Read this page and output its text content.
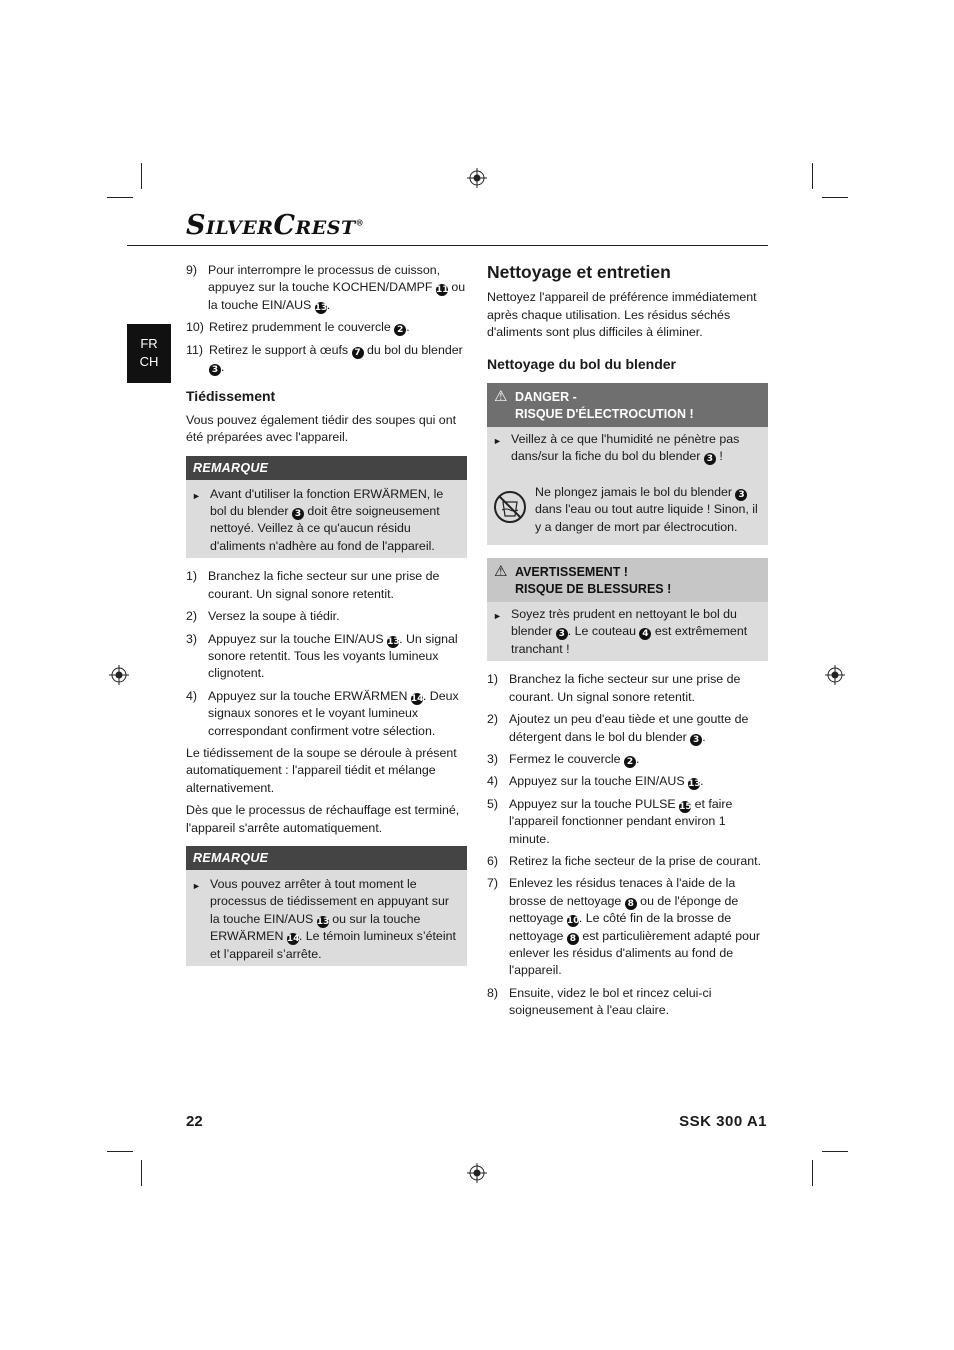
SILVERCREST®
FR
CH
9) Pour interrompre le processus de cuisson, appuyez sur la touche KOCHEN/DAMPF 11 ou la touche EIN/AUS 13.
10) Retirez prudemment le couvercle 2 .
11) Retirez le support à œufs 7 du bol du blender 3 .
Tiédissement

Vous pouvez également tiédir des soupes qui ont été préparées avec l'appareil.

REMARQUE
► Avant d'utiliser la fonction ERWÄRMEN, le bol du blender 3 doit être soigneusement nettoyé. Veillez à ce qu'aucun résidu d'aliments n'adhère au fond de l'appareil.
1) Branchez la fiche secteur sur une prise de courant. Un signal sonore retentit.
2) Versez la soupe à tiédir.
3) Appuyez sur la touche EIN/AUS 13. Un signal sonore retentit. Tous les voyants lumineux clignotent.
4) Appuyez sur la touche ERWÄRMEN 14. Deux signaux sonores et le voyant lumineux correspondant confirment votre sélection.

Le tiédissement de la soupe se déroule à présent automatiquement : l'appareil tiédit et mélange alternativement.

Dès que le processus de réchauffage est terminé, l'appareil s'arrête automatiquement.

REMARQUE
► Vous pouvez arrêter à tout moment le processus de tiédissement en appuyant sur la touche EIN/AUS 13 ou sur la touche ERWÄRMEN 14. Le témoin lumineux s’éteint et l’appareil s’arrête.
Nettoyage et entretien

Nettoyez l'appareil de préférence immédiatement après chaque utilisation. Les résidus séchés d'aliments sont plus difficiles à éliminer.

Nettoyage du bol du blender
⚠ DANGER -
RISQUE D'ÉLECTROCUTION !
► Veillez à ce que l'humidité ne pénètre pas dans/sur la fiche du bol du blender 3 !
Ne plongez jamais le bol du blender 3 dans l'eau ou tout autre liquide ! Sinon, il y a danger de mort par électrocution.
⚠ AVERTISSEMENT !
RISQUE DE BLESSURES !
► Soyez très prudent en nettoyant le bol du blender 3 . Le couteau 4 est extrêmement tranchant !
1) Branchez la fiche secteur sur une prise de courant. Un signal sonore retentit.
2) Ajoutez un peu d'eau tiède et une goutte de détergent dans le bol du blender 3 .
3) Fermez le couvercle 2 .
4) Appuyez sur la touche EIN/AUS 13.
5) Appuyez sur la touche PULSE 15 et faire l'appareil fonctionner pendant environ 1 minute.
6) Retirez la fiche secteur de la prise de courant.
7) Enlevez les résidus tenaces à l'aide de la brosse de nettoyage 8 ou de l'éponge de nettoyage 10. Le côté fin de la brosse de nettoyage 8 est particulièrement adapté pour enlever les résidus d'aliments au fond de l'appareil.
8) Ensuite, videz le bol et rincez celui-ci soigneusement à l'eau claire.
22	SSK 300 A1
